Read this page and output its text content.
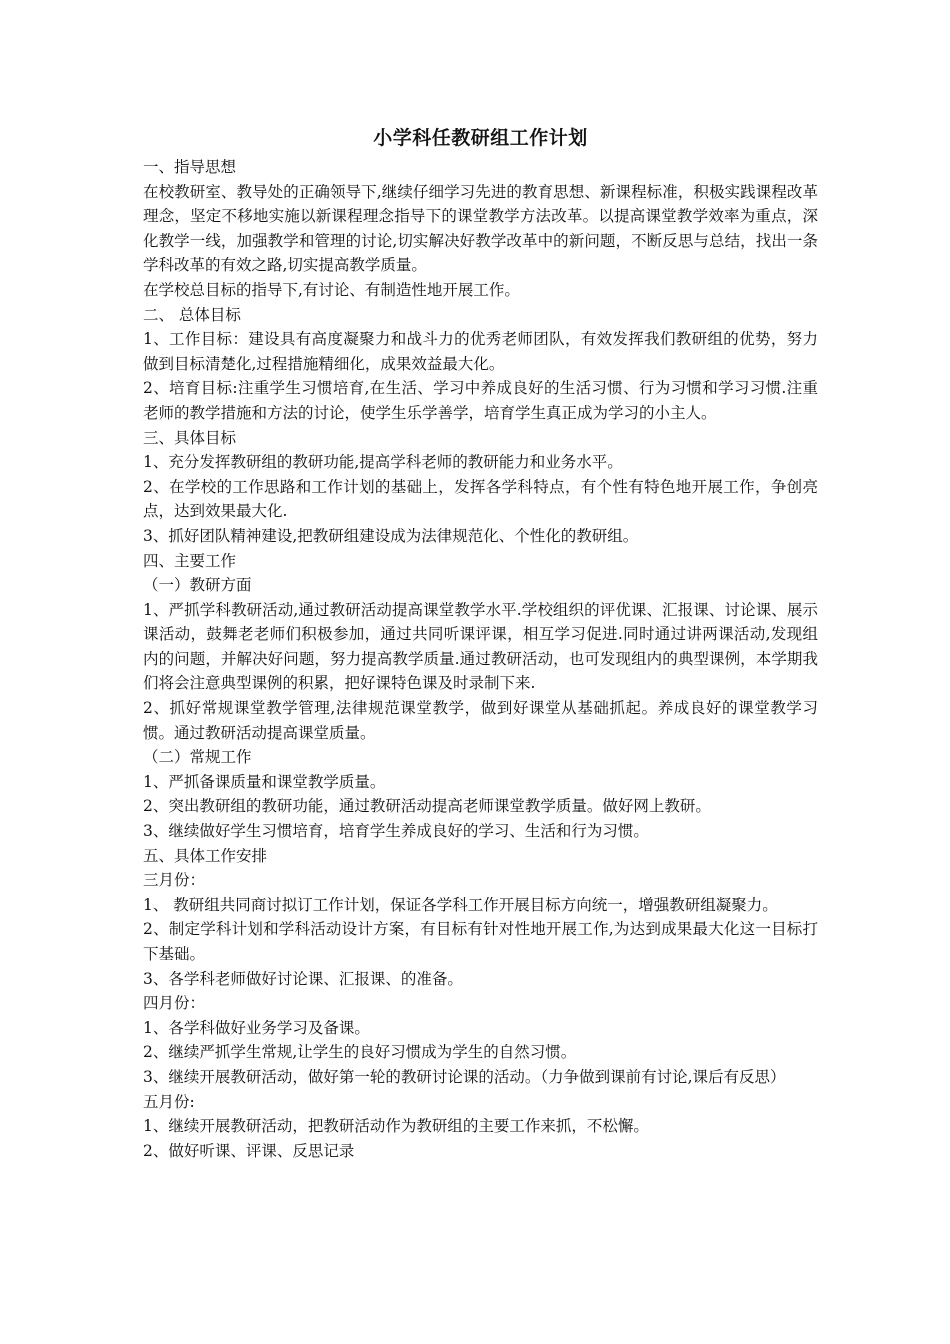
小学科任教研组工作计划

一、指导思想

在校教研室、教导处的正确领导下,继续仔细学习先进的教育思想、新课程标准，积极实践课程改革理念，坚定不移地实施以新课程理念指导下的课堂教学方法改革。以提高课堂教学效率为重点，深化教学一线，加强教学和管理的讨论,切实解决好教学改革中的新问题，不断反思与总结，找出一条学科改革的有效之路,切实提高教学质量。

在学校总目标的指导下,有讨论、有制造性地开展工作。

二、 总体目标

1、工作目标：建设具有高度凝聚力和战斗力的优秀老师团队，有效发挥我们教研组的优势，努力做到目标清楚化,过程措施精细化，成果效益最大化。

2、培育目标:注重学生习惯培育,在生活、学习中养成良好的生活习惯、行为习惯和学习习惯.注重老师的教学措施和方法的讨论，使学生乐学善学，培育学生真正成为学习的小主人。

三、具体目标

1、充分发挥教研组的教研功能,提高学科老师的教研能力和业务水平。

2、在学校的工作思路和工作计划的基础上，发挥各学科特点，有个性有特色地开展工作，争创亮点，达到效果最大化.

3、抓好团队精神建设,把教研组建设成为法律规范化、个性化的教研组。

四、主要工作

（一）教研方面

1、严抓学科教研活动,通过教研活动提高课堂教学水平.学校组织的评优课、汇报课、讨论课、展示课活动，鼓舞老老师们积极参加，通过共同听课评课，相互学习促进.同时通过讲两课活动,发现组内的问题，并解决好问题，努力提高教学质量.通过教研活动，也可发现组内的典型课例，本学期我们将会注意典型课例的积累，把好课特色课及时录制下来.

2、抓好常规课堂教学管理,法律规范课堂教学，做到好课堂从基础抓起。养成良好的课堂教学习惯。通过教研活动提高课堂质量。

（二）常规工作

1、严抓备课质量和课堂教学质量。

2、突出教研组的教研功能，通过教研活动提高老师课堂教学质量。做好网上教研。

3、继续做好学生习惯培育，培育学生养成良好的学习、生活和行为习惯。

五、具体工作安排

三月份：

1、 教研组共同商讨拟订工作计划，保证各学科工作开展目标方向统一，增强教研组凝聚力。

2、制定学科计划和学科活动设计方案，有目标有针对性地开展工作,为达到成果最大化这一目标打下基础。

3、各学科老师做好讨论课、汇报课、的准备。

四月份：

1、各学科做好业务学习及备课。

2、继续严抓学生常规,让学生的良好习惯成为学生的自然习惯。

3、继续开展教研活动，做好第一轮的教研讨论课的活动。（力争做到课前有讨论,课后有反思）

五月份:

1、继续开展教研活动，把教研活动作为教研组的主要工作来抓，不松懈。

2、做好听课、评课、反思记录
